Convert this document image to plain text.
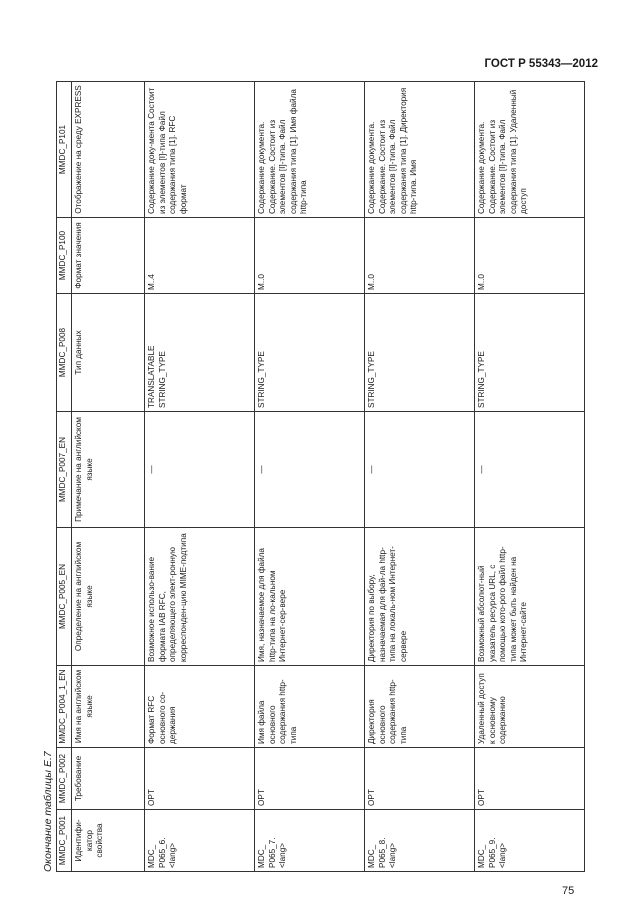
ГОСТ Р 55343—2012
Окончание таблицы Е.7 MMDC_P001	MMDC_P002	MMDC_P004_1_EN	MMDC_P005_EN	MMDC_P007_EN	MMDC_P008	MMDC_P100	MMDC_P101
Идентифи-катор свойства	Требование	Имя на английском языке	Определение на английском языке	Примечание на английском языке	Тип данных	Формат значения	Отображение на среду EXPRESS
MDC_ P065_6. <lang>	OPT	Формат RFC основного со-держания	Возможное использо-вание формата IAB RFC, определяющего элект-ронную корреспонден-цию MIME-подтипа	—	TRANSLATABLE STRING_TYPE	M..4	Содержание доку-мента Состоит из элементов [I]-типа Файл содержания типа [1]. RFC формат
MDC_ P065_7. <lang>	OPT	Имя файла основного содержания http-типа	Имя, назначаемое для файла http-типа на ло-кальном Интернет-сер-вере	—	STRING_TYPE	M..0	Содержание документа. Содержание. Состоит из элементов [I]-типа. Файл содержания типа [1]. Имя файла http-типа
MDC_ P065_8. <lang>	OPT	Директория основного содержания http-типа	Директория по выбору, назначаемая для фай-ла http-типа на локаль-ном Интернет-сервере	—	STRING_TYPE	M..0	Содержание документа. Содержание. Состоит из элементов [I]-типа. Файл содержания типа [1]. Директория http-типа. Имя
MDC_ P065_9. <lang>	OPT	Удаленный доступ к основному содержанию	Возможный абсолют-ный указатель ресурса URL, с помощью кото-рого файл http-типа может быть найден на Интернет-сайте	—	STRING_TYPE	M..0	Содержание документа. Содержание. Состоит из элементов [I]-типа. Файл содержания типа [1]. Удаленный доступ
75
